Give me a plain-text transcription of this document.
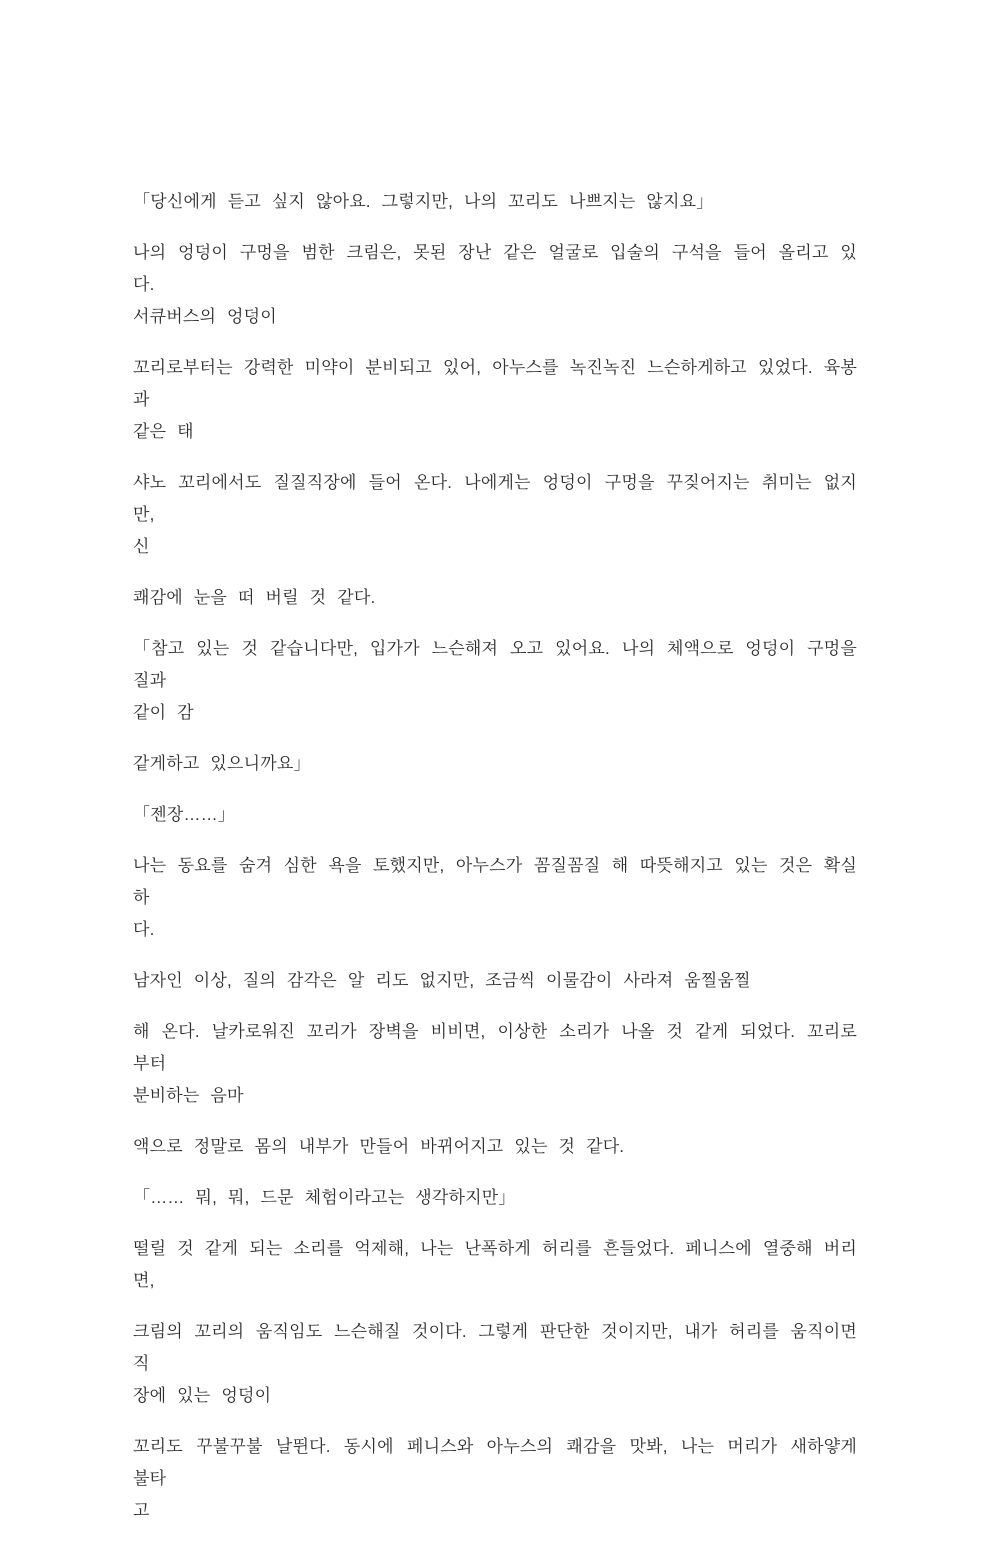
「당신에게 듣고 싶지 않아요. 그렇지만, 나의 꼬리도 나쁘지는 않지요」

나의 엉덩이 구멍을 범한 크림은, 못된 장난 같은 얼굴로 입술의 구석을 들어 올리고 있다.

서큐버스의 엉덩이

꼬리로부터는 강력한 미약이 분비되고 있어, 아누스를 녹진녹진 느슨하게하고 있었다. 육봉과

같은 태

샤노 꼬리에서도 질질직장에 들어 온다. 나에게는 엉덩이 구멍을 꾸짖어지는 취미는 없지만,

신

쾌감에 눈을 떠 버릴 것 같다.

「참고 있는 것 같습니다만, 입가가 느슨해져 오고 있어요. 나의 체액으로 엉덩이 구멍을 질과

같이 감

같게하고 있으니까요」

「젠장……」

나는 동요를 숨겨 심한 욕을 토했지만, 아누스가 꼼질꼼질 해 따뜻해지고 있는 것은 확실하

다.

남자인 이상, 질의 감각은 알 리도 없지만, 조금씩 이물감이 사라져 움찔움찔

해 온다. 날카로워진 꼬리가 장벽을 비비면, 이상한 소리가 나올 것 같게 되었다. 꼬리로부터

분비하는 음마

액으로 정말로 몸의 내부가 만들어 바뀌어지고 있는 것 같다.

「…… 뭐, 뭐, 드문 체험이라고는 생각하지만」

떨릴 것 같게 되는 소리를 억제해, 나는 난폭하게 허리를 흔들었다. 페니스에 열중해 버리면,

크림의 꼬리의 움직임도 느슨해질 것이다. 그렇게 판단한 것이지만, 내가 허리를 움직이면 직

장에 있는 엉덩이

꼬리도 꾸불꾸불 날뛴다. 동시에 페니스와 아누스의 쾌감을 맛봐, 나는 머리가 새하얗게 불타

고
